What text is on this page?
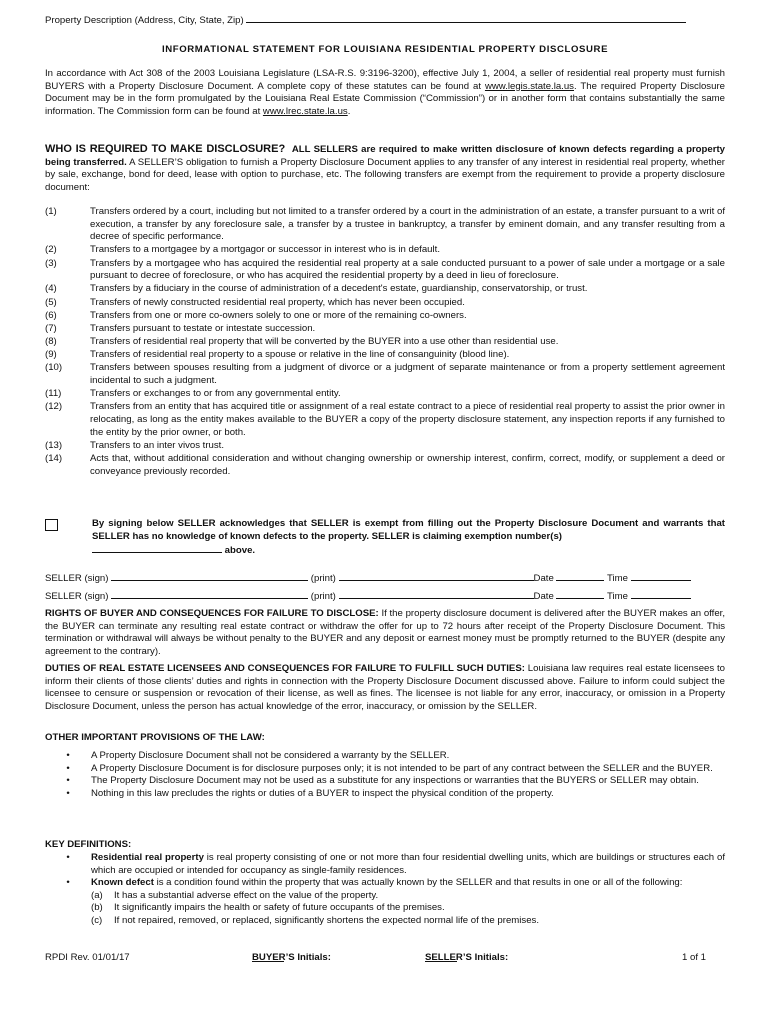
Property Description (Address, City, State, Zip)
INFORMATIONAL STATEMENT FOR LOUISIANA RESIDENTIAL PROPERTY DISCLOSURE
In accordance with Act 308 of the 2003 Louisiana Legislature (LSA-R.S. 9:3196-3200), effective July 1, 2004, a seller of residential real property must furnish BUYERS with a Property Disclosure Document. A complete copy of these statutes can be found at www.legis.state.la.us. The required Property Disclosure Document may be in the form promulgated by the Louisiana Real Estate Commission (“Commission”) or in another form that contains substantially the same information. The Commission form can be found at www.lrec.state.la.us.
WHO IS REQUIRED TO MAKE DISCLOSURE? ALL SELLERS are required to make written disclosure of known defects regarding a property being transferred. A SELLER’S obligation to furnish a Property Disclosure Document applies to any transfer of any interest in residential real property, whether by sale, exchange, bond for deed, lease with option to purchase, etc. The following transfers are exempt from the requirement to provide a property disclosure document:
(1)	Transfers ordered by a court, including but not limited to a transfer ordered by a court in the administration of an estate, a transfer pursuant to a writ of execution, a transfer by any foreclosure sale, a transfer by a trustee in bankruptcy, a transfer by eminent domain, and any transfer resulting from a decree of specific performance.
(2)	Transfers to a mortgagee by a mortgagor or successor in interest who is in default.
(3)	Transfers by a mortgagee who has acquired the residential real property at a sale conducted pursuant to a power of sale under a mortgage or a sale pursuant to decree of foreclosure, or who has acquired the residential property by a deed in lieu of foreclosure.
(4)	Transfers by a fiduciary in the course of administration of a decedent's estate, guardianship, conservatorship, or trust.
(5)	Transfers of newly constructed residential real property, which has never been occupied.
(6)	Transfers from one or more co-owners solely to one or more of the remaining co-owners.
(7)	Transfers pursuant to testate or intestate succession.
(8)	Transfers of residential real property that will be converted by the BUYER into a use other than residential use.
(9)	Transfers of residential real property to a spouse or relative in the line of consanguinity (blood line).
(10)	Transfers between spouses resulting from a judgment of divorce or a judgment of separate maintenance or from a property settlement agreement incidental to such a judgment.
(11)	Transfers or exchanges to or from any governmental entity.
(12)	Transfers from an entity that has acquired title or assignment of a real estate contract to a piece of residential real property to assist the prior owner in relocating, as long as the entity makes available to the BUYER a copy of the property disclosure statement, any inspection reports if any furnished to the entity by the prior owner, or both.
(13)	Transfers to an inter vivos trust.
(14)	Acts that, without additional consideration and without changing ownership or ownership interest, confirm, correct, modify, or supplement a deed or conveyance previously recorded.
By signing below SELLER acknowledges that SELLER is exempt from filling out the Property Disclosure Document and warrants that SELLER has no knowledge of known defects to the property. SELLER is claiming exemption number(s)
above.
SELLER (sign)	(print)	Date	Time
SELLER (sign)	(print)	Date	Time
RIGHTS OF BUYER AND CONSEQUENCES FOR FAILURE TO DISCLOSE: If the property disclosure document is delivered after the BUYER makes an offer, the BUYER can terminate any resulting real estate contract or withdraw the offer for up to 72 hours after receipt of the Property Disclosure Document. This termination or withdrawal will always be without penalty to the BUYER and any deposit or earnest money must be promptly returned to the BUYER (despite any agreement to the contrary).
DUTIES OF REAL ESTATE LICENSEES AND CONSEQUENCES FOR FAILURE TO FULFILL SUCH DUTIES: Louisiana law requires real estate licensees to inform their clients of those clients’ duties and rights in connection with the Property Disclosure Document discussed above. Failure to inform could subject the licensee to censure or suspension or revocation of their license, as well as fines. The licensee is not liable for any error, inaccuracy, or omission in a Property Disclosure Document, unless the person has actual knowledge of the error, inaccuracy, or omission by the SELLER.
OTHER IMPORTANT PROVISIONS OF THE LAW:
•	A Property Disclosure Document shall not be considered a warranty by the SELLER.
•	A Property Disclosure Document is for disclosure purposes only; it is not intended to be part of any contract between the SELLER and the BUYER.
•	The Property Disclosure Document may not be used as a substitute for any inspections or warranties that the BUYERS or SELLER may obtain.
•	Nothing in this law precludes the rights or duties of a BUYER to inspect the physical condition of the property.
KEY DEFINITIONS:
•	Residential real property is real property consisting of one or not more than four residential dwelling units, which are buildings or structures each of which are occupied or intended for occupancy as single-family residences.
•	Known defect is a condition found within the property that was actually known by the SELLER and that results in one or all of the following:
(a)	It has a substantial adverse effect on the value of the property.
(b)	It significantly impairs the health or safety of future occupants of the premises.
(c)	If not repaired, removed, or replaced, significantly shortens the expected normal life of the premises.
RPDI Rev. 01/01/17	BUYER’S Initials:	SELLER’S Initials:	1 of 1
